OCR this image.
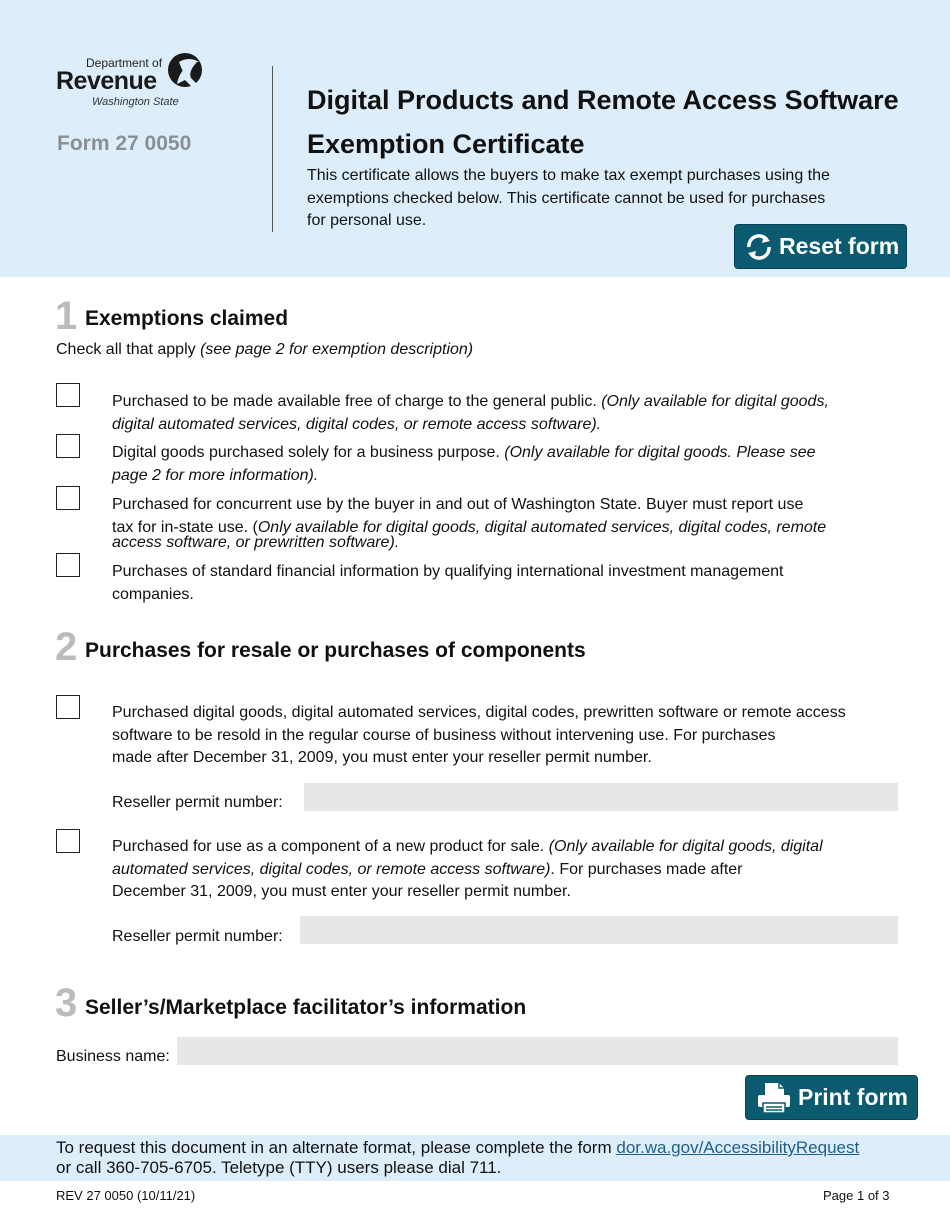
Department of
Revenue
Washington State
Form 27 0050
Digital Products and Remote Access Software
Exemption Certificate
This certificate allows the buyers to make tax exempt purchases using the
exemptions checked below. This certificate cannot be used for purchases
for personal use.
Reset form
1 Exemptions claimed
Check all that apply (see page 2 for exemption description)
Purchased to be made available free of charge to the general public. (Only available for digital goods,
digital automated services, digital codes, or remote access software).
Digital goods purchased solely for a business purpose. (Only available for digital goods. Please see
page 2 for more information).
Purchased for concurrent use by the buyer in and out of Washington State. Buyer must report use
tax for in-state use. (Only available for digital goods, digital automated services, digital codes, remote
access software, or prewritten software).
Purchases of standard financial information by qualifying international investment management
companies.
2 Purchases for resale or purchases of components
Purchased digital goods, digital automated services, digital codes, prewritten software or remote access
software to be resold in the regular course of business without intervening use. For purchases
made after December 31, 2009, you must enter your reseller permit number.
Reseller permit number:
Purchased for use as a component of a new product for sale. (Only available for digital goods, digital
automated services, digital codes, or remote access software). For purchases made after
December 31, 2009, you must enter your reseller permit number.
Reseller permit number:
3 Seller’s/Marketplace facilitator’s information
Business name:
Print form
To request this document in an alternate format, please complete the form dor.wa.gov/AccessibilityRequest
or call 360-705-6705. Teletype (TTY) users please dial 711.
REV 27 0050 (10/11/21)	Page 1 of 3
